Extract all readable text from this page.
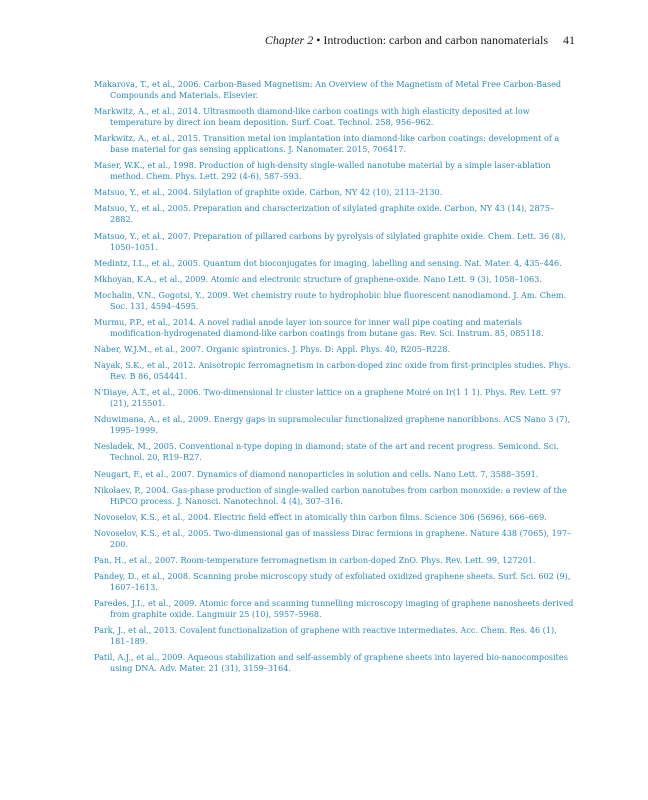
Chapter 2 • Introduction: carbon and carbon nanomaterials 41
Makarova, T., et al., 2006. Carbon-Based Magnetism: An Overview of the Magnetism of Metal Free Carbon-Based Compounds and Materials. Elsevier.
Markwitz, A., et al., 2014. Ultrasmooth diamond-like carbon coatings with high elasticity deposited at low temperature by direct ion beam deposition. Surf. Coat. Technol. 258, 956–962.
Markwitz, A., et al., 2015. Transition metal ion implantation into diamond-like carbon coatings: development of a base material for gas sensing applications. J. Nanomater. 2015, 706417.
Maser, W.K., et al., 1998. Production of high-density single-walled nanotube material by a simple laser-ablation method. Chem. Phys. Lett. 292 (4-6), 587–593.
Matsuo, Y., et al., 2004. Silylation of graphite oxide. Carbon, NY 42 (10), 2113–2130.
Matsuo, Y., et al., 2005. Preparation and characterization of silylated graphite oxide. Carbon, NY 43 (14), 2875–2882.
Matsuo, Y., et al., 2007. Preparation of pillared carbons by pyrolysis of silylated graphite oxide. Chem. Lett. 36 (8), 1050–1051.
Medintz, I.L., et al., 2005. Quantum dot bioconjugates for imaging, labelling and sensing. Nat. Mater. 4, 435–446.
Mkhoyan, K.A., et al., 2009. Atomic and electronic structure of graphene-oxide. Nano Lett. 9 (3), 1058–1063.
Mochalin, V.N., Gogotsi, Y., 2009. Wet chemistry route to hydrophobic blue fluorescent nanodiamond. J. Am. Chem. Soc. 131, 4594–4595.
Murmu, P.P., et al., 2014. A novel radial anode layer ion source for inner wall pipe coating and materials modification-hydrogenated diamond-like carbon coatings from butane gas. Rev. Sci. Instrum. 85, 085118.
Naber, W.J.M., et al., 2007. Organic spintronics. J. Phys. D: Appl. Phys. 40, R205–R228.
Nayak, S.K., et al., 2012. Anisotropic ferromagnetism in carbon-doped zinc oxide from first-principles studies. Phys. Rev. B 86, 054441.
N'Diaye, A.T., et al., 2006. Two-dimensional Ir cluster lattice on a graphene Moiré on Ir(1 1 1). Phys. Rev. Lett. 97 (21), 215501.
Nduwimana, A., et al., 2009. Energy gaps in supramolecular functionalized graphene nanoribbons. ACS Nano 3 (7), 1995–1999.
Nesladek, M., 2005. Conventional n-type doping in diamond: state of the art and recent progress. Semicond. Sci. Technol. 20, R19–R27.
Neugart, F., et al., 2007. Dynamics of diamond nanoparticles in solution and cells. Nano Lett. 7, 3588–3591.
Nikolaev, P., 2004. Gas-phase production of single-walled carbon nanotubes from carbon monoxide: a review of the HiPCO process. J. Nanosci. Nanotechnol. 4 (4), 307–316.
Novoselov, K.S., et al., 2004. Electric field effect in atomically thin carbon films. Science 306 (5696), 666–669.
Novoselov, K.S., et al., 2005. Two-dimensional gas of massless Dirac fermions in graphene. Nature 438 (7065), 197–200.
Pan, H., et al., 2007. Room-temperature ferromagnetism in carbon-doped ZnO. Phys. Rev. Lett. 99, 127201.
Pandey, D., et al., 2008. Scanning probe microscopy study of exfoliated oxidized graphene sheets. Surf. Sci. 602 (9), 1607–1613.
Paredes, J.I., et al., 2009. Atomic force and scanning tunnelling microscopy imaging of graphene nanosheets derived from graphite oxide. Langmuir 25 (10), 5957–5968.
Park, J., et al., 2013. Covalent functionalization of graphene with reactive intermediates. Acc. Chem. Res. 46 (1), 181–189.
Patil, A.J., et al., 2009. Aqueous stabilization and self-assembly of graphene sheets into layered bio-nanocomposites using DNA. Adv. Mater. 21 (31), 3159–3164.
